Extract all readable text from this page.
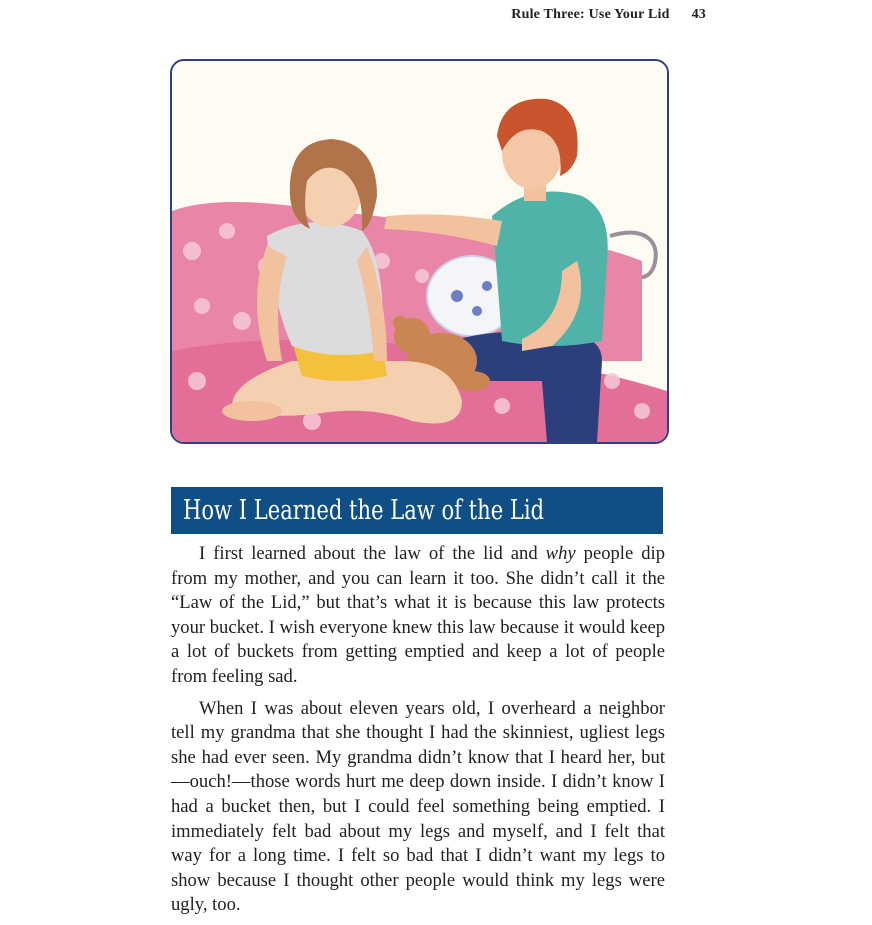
Rule Three: Use Your Lid 43
How I Learned the Law of the Lid

I first learned about the law of the lid and why people dip from my mother, and you can learn it too. She didn’t call it the “Law of the Lid,” but that’s what it is because this law protects your bucket. I wish everyone knew this law because it would keep a lot of buckets from getting emptied and keep a lot of people from feeling sad.

When I was about eleven years old, I overheard a neighbor tell my grandma that she thought I had the skinniest, ugliest legs she had ever seen. My grandma didn’t know that I heard her, but—ouch!—those words hurt me deep down inside. I didn’t know I had a bucket then, but I could feel something being emptied. I immediately felt bad about my legs and myself, and I felt that way for a long time. I felt so bad that I didn’t want my legs to show because I thought other people would think my legs were ugly, too.
